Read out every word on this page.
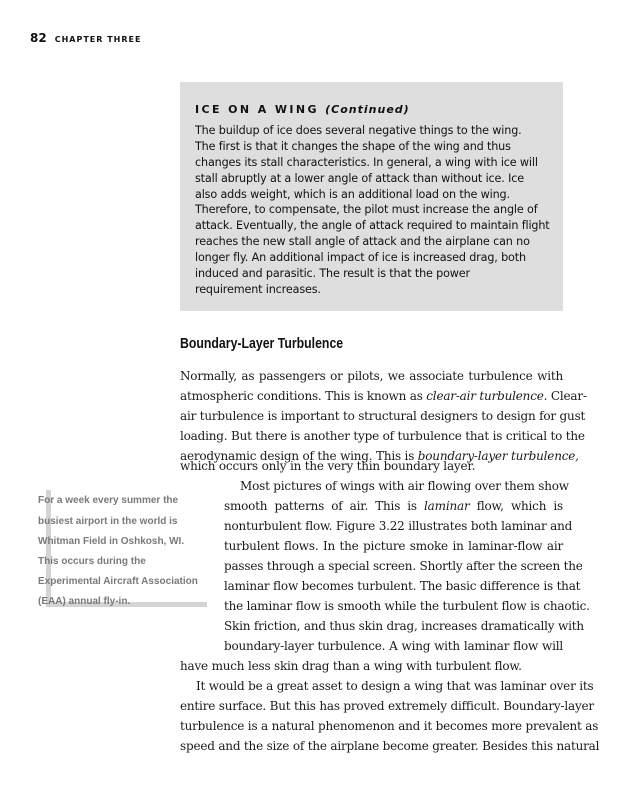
82 CHAPTER THREE
ICE ON A WING (Continued)
The buildup of ice does several negative things to the wing.
The first is that it changes the shape of the wing and thus
changes its stall characteristics. In general, a wing with ice will
stall abruptly at a lower angle of attack than without ice. Ice
also adds weight, which is an additional load on the wing.
Therefore, to compensate, the pilot must increase the angle of
attack. Eventually, the angle of attack required to maintain flight
reaches the new stall angle of attack and the airplane can no
longer fly. An additional impact of ice is increased drag, both
induced and parasitic. The result is that the power
requirement increases.
Boundary-Layer Turbulence
Normally, as passengers or pilots, we associate turbulence with
atmospheric conditions. This is known as clear-air turbulence. Clear-
air turbulence is important to structural designers to design for gust
loading. But there is another type of turbulence that is critical to the
aerodynamic design of the wing. This is boundary-layer turbulence,
which occurs only in the very thin boundary layer.
Most pictures of wings with air flowing over them show
smooth patterns of air. This is laminar flow, which is
nonturbulent flow. Figure 3.22 illustrates both laminar and
turbulent flows. In the picture smoke in laminar-flow air
passes through a special screen. Shortly after the screen the
laminar flow becomes turbulent. The basic difference is that
the laminar flow is smooth while the turbulent flow is chaotic.
Skin friction, and thus skin drag, increases dramatically with
boundary-layer turbulence. A wing with laminar flow will
have much less skin drag than a wing with turbulent flow.
It would be a great asset to design a wing that was laminar over its
entire surface. But this has proved extremely difficult. Boundary-layer
turbulence is a natural phenomenon and it becomes more prevalent as
speed and the size of the airplane become greater. Besides this natural
For a week every summer the
busiest airport in the world is
Whitman Field in Oshkosh, WI.
This occurs during the
Experimental Aircraft Association
(EAA) annual fly-in.
